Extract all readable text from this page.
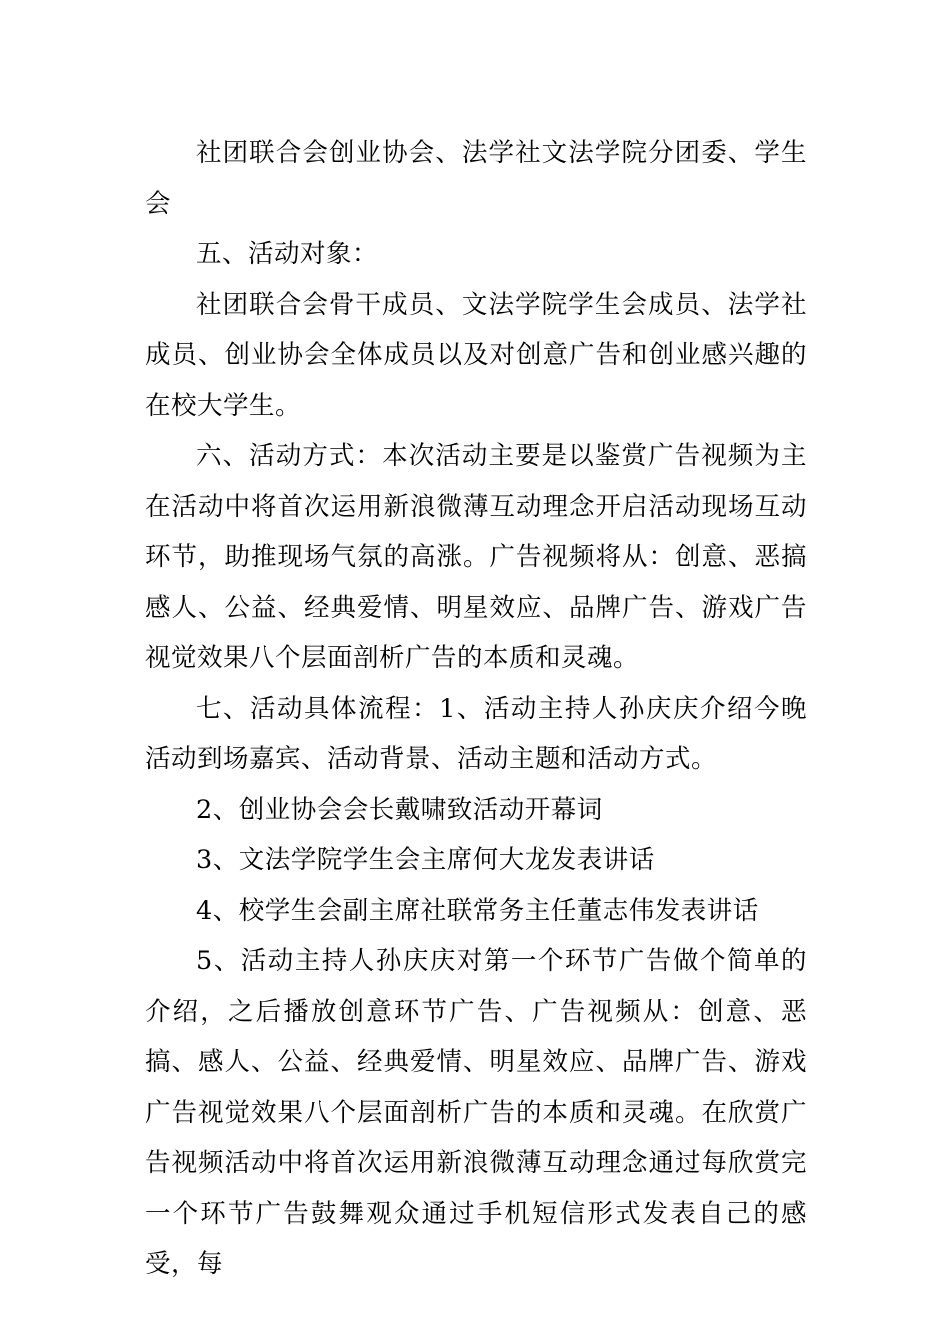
社团联合会创业协会、法学社文法学院分团委、学生会

五、活动对象：

社团联合会骨干成员、文法学院学生会成员、法学社成员、创业协会全体成员以及对创意广告和创业感兴趣的在校大学生。

六、活动方式：本次活动主要是以鉴赏广告视频为主在活动中将首次运用新浪微薄互动理念开启活动现场互动环节，助推现场气氛的高涨。广告视频将从：创意、恶搞感人、公益、经典爱情、明星效应、品牌广告、游戏广告视觉效果八个层面剖析广告的本质和灵魂。

七、活动具体流程：1、活动主持人孙庆庆介绍今晚活动到场嘉宾、活动背景、活动主题和活动方式。

2、创业协会会长戴啸致活动开幕词

3、文法学院学生会主席何大龙发表讲话

4、校学生会副主席社联常务主任董志伟发表讲话

5、活动主持人孙庆庆对第一个环节广告做个简单的介绍，之后播放创意环节广告、广告视频从：创意、恶搞、感人、公益、经典爱情、明星效应、品牌广告、游戏广告视觉效果八个层面剖析广告的本质和灵魂。在欣赏广告视频活动中将首次运用新浪微薄互动理念通过每欣赏完一个环节广告鼓舞观众通过手机短信形式发表自己的感受，每
